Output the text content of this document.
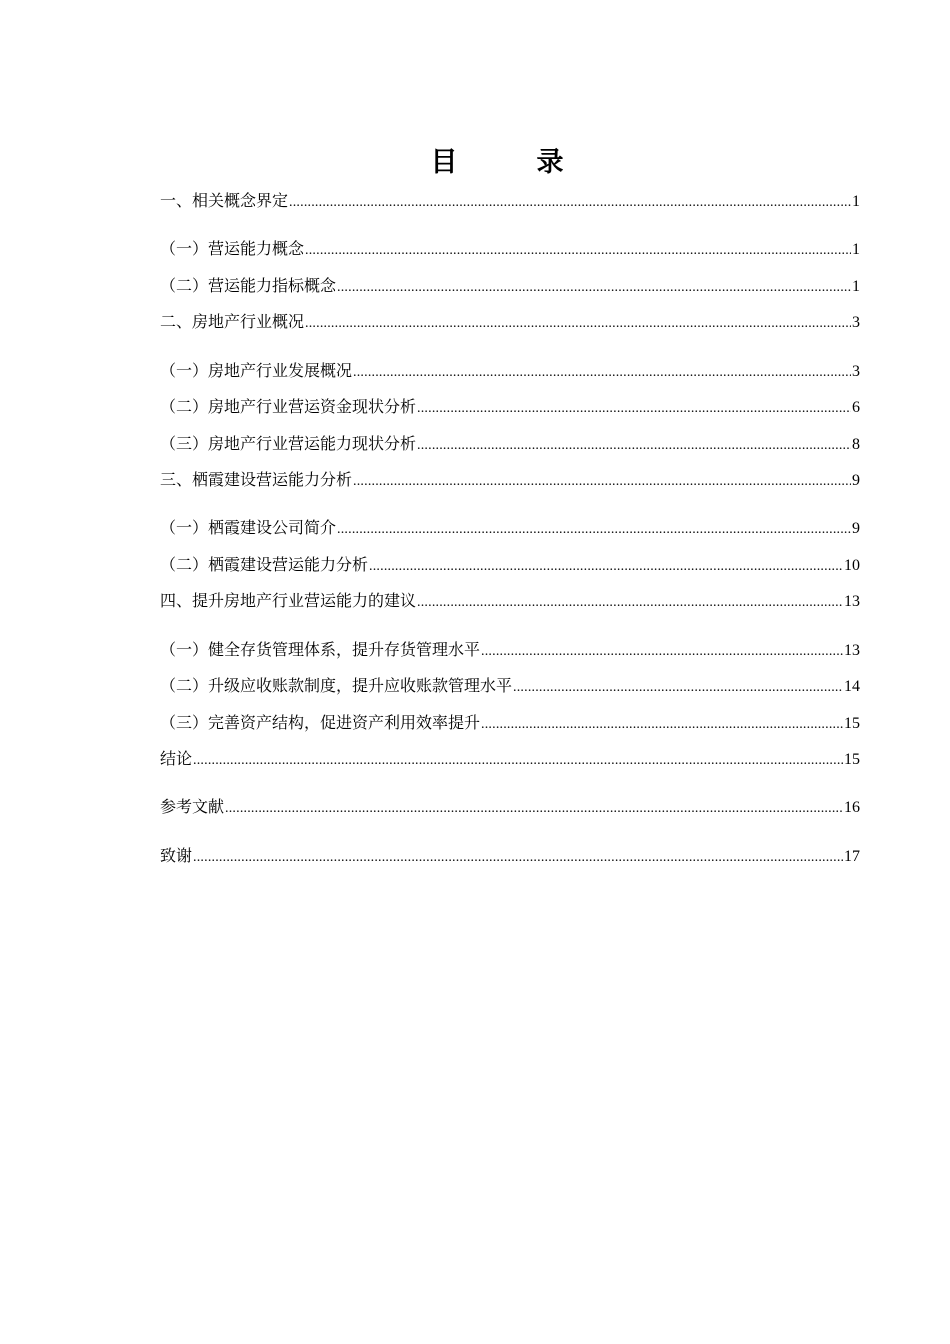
目　录
一、相关概念界定 .....	1
（一）营运能力概念 .....	1
（二）营运能力指标概念 .....	1
二、房地产行业概况 .....	3
（一）房地产行业发展概况 .....	3
（二）房地产行业营运资金现状分析 .....	6
（三）房地产行业营运能力现状分析 .....	8
三、栖霞建设营运能力分析 .....	9
（一）栖霞建设公司简介 .....	9
（二）栖霞建设营运能力分析 .....	10
四、提升房地产行业营运能力的建议 .....	13
（一）健全存货管理体系，提升存货管理水平 .....	13
（二）升级应收账款制度，提升应收账款管理水平 .....	14
（三）完善资产结构，促进资产利用效率提升 .....	15
结论 .....	15
参考文献 .....	16
致谢 .....	17
